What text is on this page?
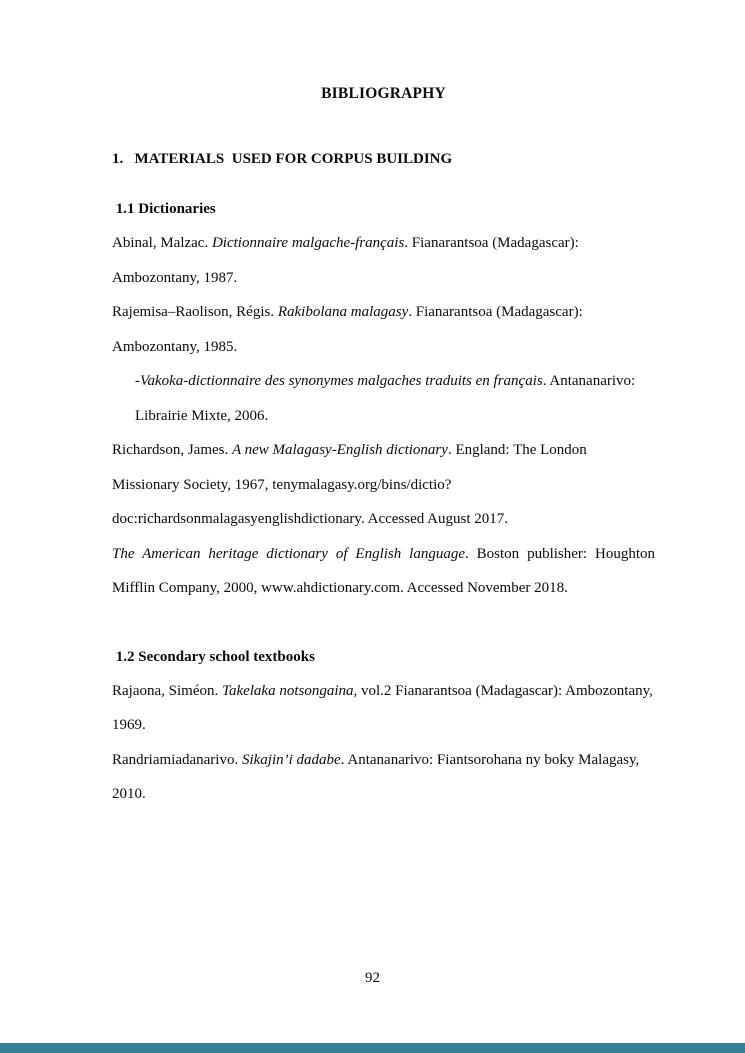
BIBLIOGRAPHY
1.   MATERIALS  USED FOR CORPUS BUILDING
1.1 Dictionaries

Abinal, Malzac. Dictionnaire malgache-français. Fianarantsoa (Madagascar): Ambozontany, 1987.

Rajemisa–Raolison, Régis. Rakibolana malagasy. Fianarantsoa (Madagascar): Ambozontany, 1985.

-Vakoka-dictionnaire des synonymes malgaches traduits en français. Antananarivo: Librairie Mixte, 2006.

Richardson, James. A new Malagasy-English dictionary. England: The London Missionary Society, 1967, tenymalagasy.org/bins/dictio?doc:richardsonmalagasyenglishdictionary. Accessed August 2017.

The American heritage dictionary of English language. Boston publisher: Houghton Mifflin Company, 2000, www.ahdictionary.com. Accessed November 2018.

1.2 Secondary school textbooks

Rajaona, Siméon. Takelaka notsongaina, vol.2 Fianarantsoa (Madagascar): Ambozontany, 1969.

Randriamiadanarivo. Sikajin’i dadabe. Antananarivo: Fiantsorohana ny boky Malagasy, 2010.

92
